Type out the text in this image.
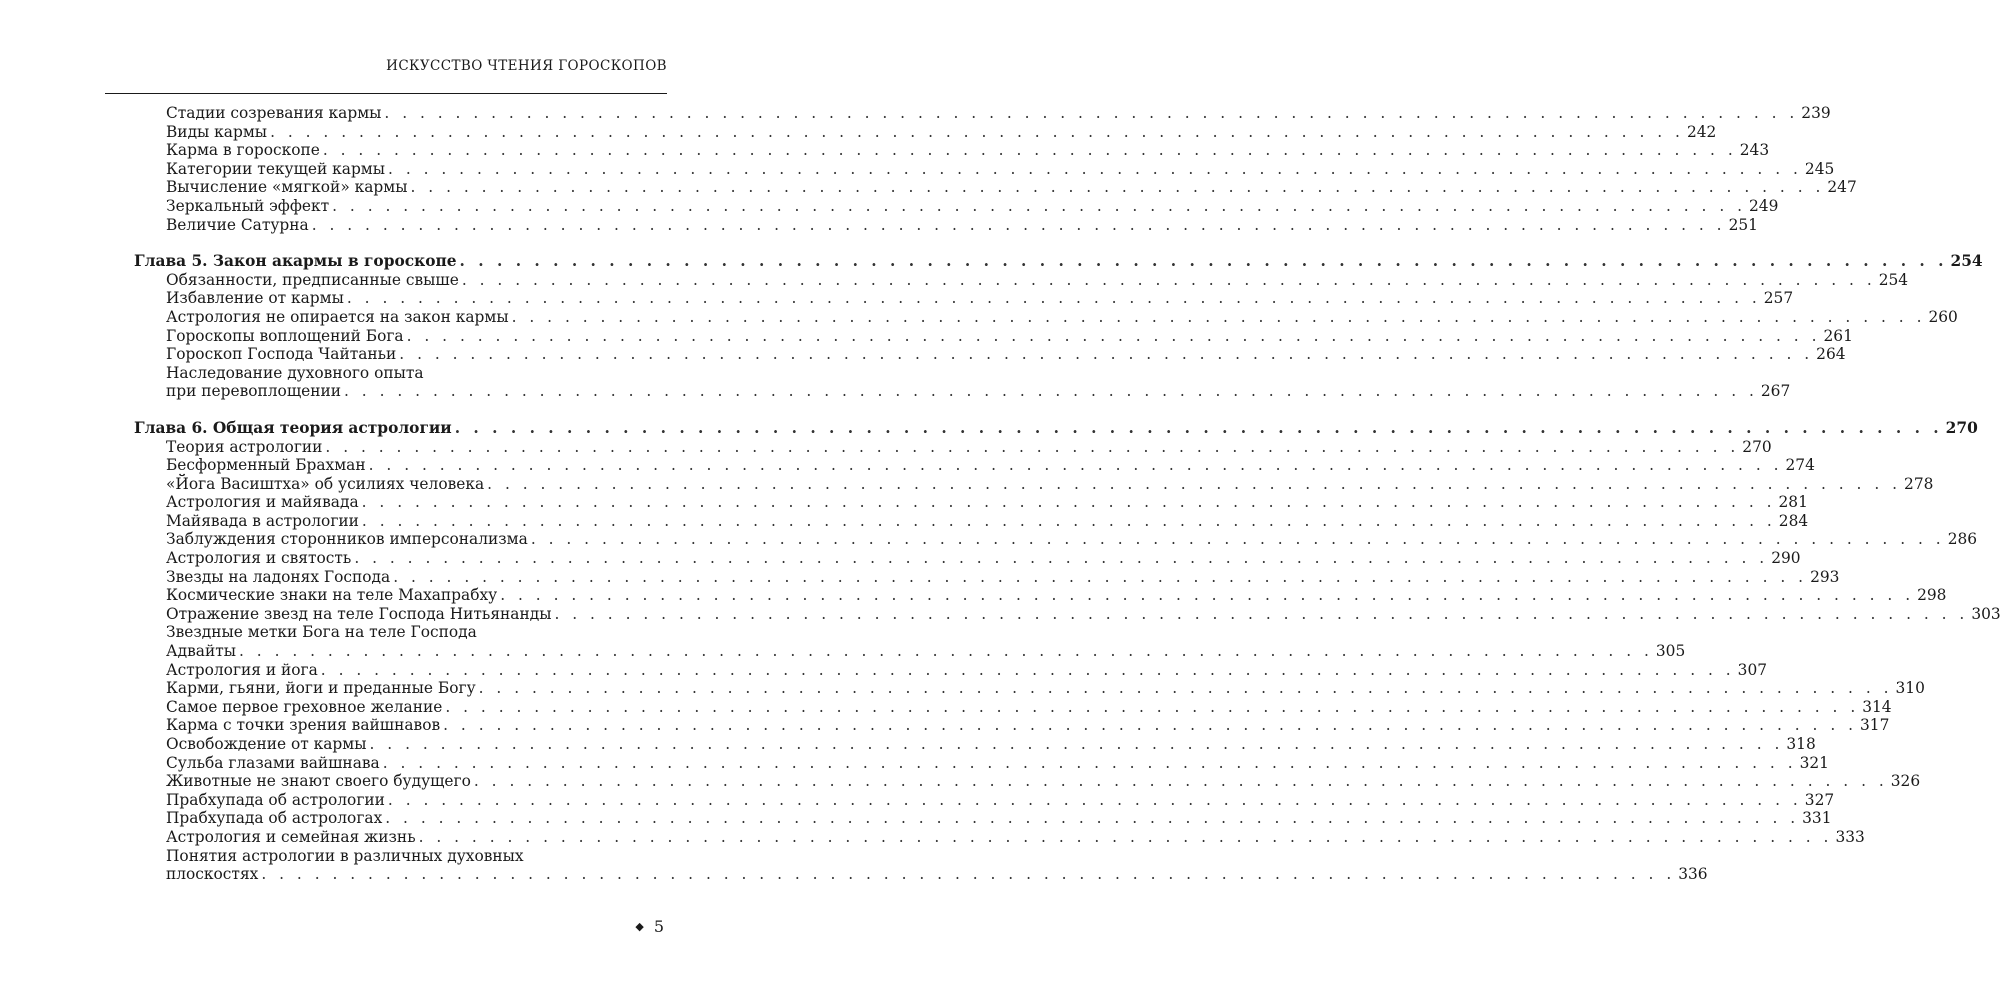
ИСКУССТВО ЧТЕНИЯ ГОРОСКОПОВ
Стадии созревания кармы . . . . . . . . . . . . . . . . . . . . . . . . . . . . . . . . . . . . . . . . . . . . . . . . . . . . . . . . . . . . . . . . . . . . . . . . . . . . . . . . 239
Виды кармы . . . . . . . . . . . . . . . . . . . . . . . . . . . . . . . . . . . . . . . . . . . . . . . . . . . . . . . . . . . . . . . . . . . . . . . . . . . . . . . . 242
Карма в гороскопе . . . . . . . . . . . . . . . . . . . . . . . . . . . . . . . . . . . . . . . . . . . . . . . . . . . . . . . . . . . . . . . . . . . . . . . . . . . . . . . . 243
Категории текущей кармы . . . . . . . . . . . . . . . . . . . . . . . . . . . . . . . . . . . . . . . . . . . . . . . . . . . . . . . . . . . . . . . . . . . . . . . . . . . . . . . . 245
Вычисление «мягкой» кармы . . . . . . . . . . . . . . . . . . . . . . . . . . . . . . . . . . . . . . . . . . . . . . . . . . . . . . . . . . . . . . . . . . . . . . . . . . . . . . . . 247
Зеркальный эффект . . . . . . . . . . . . . . . . . . . . . . . . . . . . . . . . . . . . . . . . . . . . . . . . . . . . . . . . . . . . . . . . . . . . . . . . . . . . . . . . 249
Величие Сатурна . . . . . . . . . . . . . . . . . . . . . . . . . . . . . . . . . . . . . . . . . . . . . . . . . . . . . . . . . . . . . . . . . . . . . . . . . . . . . . . . 251
Глава 5. Закон акармы в гороскопе . . . . . . . . . . . . . . . . . . . . . . . . . . . . . . . . . . . . . . . . . . . . . . . . . . . . . . . . . . . . . . . . . . . . . . . . . . . . . . . . 254
Обязанности, предписанные свыше . . . . . . . . . . . . . . . . . . . . . . . . . . . . . . . . . . . . . . . . . . . . . . . . . . . . . . . . . . . . . . . . . . . . . . . . . . . . . . . . 254
Избавление от кармы . . . . . . . . . . . . . . . . . . . . . . . . . . . . . . . . . . . . . . . . . . . . . . . . . . . . . . . . . . . . . . . . . . . . . . . . . . . . . . . . 257
Астрология не опирается на закон кармы . . . . . . . . . . . . . . . . . . . . . . . . . . . . . . . . . . . . . . . . . . . . . . . . . . . . . . . . . . . . . . . . . . . . . . . . . . . . . . . . 260
Гороскопы воплощений Бога . . . . . . . . . . . . . . . . . . . . . . . . . . . . . . . . . . . . . . . . . . . . . . . . . . . . . . . . . . . . . . . . . . . . . . . . . . . . . . . . 261
Гороскоп Господа Чайтаньи . . . . . . . . . . . . . . . . . . . . . . . . . . . . . . . . . . . . . . . . . . . . . . . . . . . . . . . . . . . . . . . . . . . . . . . . . . . . . . . . 264
Наследование духовного опыта
при перевоплощении . . . . . . . . . . . . . . . . . . . . . . . . . . . . . . . . . . . . . . . . . . . . . . . . . . . . . . . . . . . . . . . . . . . . . . . . . . . . . . . . 267
Глава 6. Общая теория астрологии . . . . . . . . . . . . . . . . . . . . . . . . . . . . . . . . . . . . . . . . . . . . . . . . . . . . . . . . . . . . . . . . . . . . . . . . . . . . . . . . 270
Теория астрологии . . . . . . . . . . . . . . . . . . . . . . . . . . . . . . . . . . . . . . . . . . . . . . . . . . . . . . . . . . . . . . . . . . . . . . . . . . . . . . . . 270
Бесформенный Брахман . . . . . . . . . . . . . . . . . . . . . . . . . . . . . . . . . . . . . . . . . . . . . . . . . . . . . . . . . . . . . . . . . . . . . . . . . . . . . . . . 274
«Йога Васиштха» об усилиях человека . . . . . . . . . . . . . . . . . . . . . . . . . . . . . . . . . . . . . . . . . . . . . . . . . . . . . . . . . . . . . . . . . . . . . . . . . . . . . . . . 278
Астрология и майявада . . . . . . . . . . . . . . . . . . . . . . . . . . . . . . . . . . . . . . . . . . . . . . . . . . . . . . . . . . . . . . . . . . . . . . . . . . . . . . . . 281
Майявада в астрологии . . . . . . . . . . . . . . . . . . . . . . . . . . . . . . . . . . . . . . . . . . . . . . . . . . . . . . . . . . . . . . . . . . . . . . . . . . . . . . . . 284
Заблуждения сторонников имперсонализма . . . . . . . . . . . . . . . . . . . . . . . . . . . . . . . . . . . . . . . . . . . . . . . . . . . . . . . . . . . . . . . . . . . . . . . . . . . . . . . . 286
Астрология и святость . . . . . . . . . . . . . . . . . . . . . . . . . . . . . . . . . . . . . . . . . . . . . . . . . . . . . . . . . . . . . . . . . . . . . . . . . . . . . . . . 290
Звезды на ладонях Господа . . . . . . . . . . . . . . . . . . . . . . . . . . . . . . . . . . . . . . . . . . . . . . . . . . . . . . . . . . . . . . . . . . . . . . . . . . . . . . . . 293
Космические знаки на теле Махапрабху . . . . . . . . . . . . . . . . . . . . . . . . . . . . . . . . . . . . . . . . . . . . . . . . . . . . . . . . . . . . . . . . . . . . . . . . . . . . . . . . 298
Отражение звезд на теле Господа Нитьянанды . . . . . . . . . . . . . . . . . . . . . . . . . . . . . . . . . . . . . . . . . . . . . . . . . . . . . . . . . . . . . . . . . . . . . . . . . . . . . . . . 303
Звездные метки Бога на теле Господа
Адвайты . . . . . . . . . . . . . . . . . . . . . . . . . . . . . . . . . . . . . . . . . . . . . . . . . . . . . . . . . . . . . . . . . . . . . . . . . . . . . . . . 305
Астрология и йога . . . . . . . . . . . . . . . . . . . . . . . . . . . . . . . . . . . . . . . . . . . . . . . . . . . . . . . . . . . . . . . . . . . . . . . . . . . . . . . . 307
Карми, гьяни, йоги и преданные Богу . . . . . . . . . . . . . . . . . . . . . . . . . . . . . . . . . . . . . . . . . . . . . . . . . . . . . . . . . . . . . . . . . . . . . . . . . . . . . . . . 310
Самое первое греховное желание . . . . . . . . . . . . . . . . . . . . . . . . . . . . . . . . . . . . . . . . . . . . . . . . . . . . . . . . . . . . . . . . . . . . . . . . . . . . . . . . 314
Карма с точки зрения вайшнавов . . . . . . . . . . . . . . . . . . . . . . . . . . . . . . . . . . . . . . . . . . . . . . . . . . . . . . . . . . . . . . . . . . . . . . . . . . . . . . . . 317
Освобождение от кармы . . . . . . . . . . . . . . . . . . . . . . . . . . . . . . . . . . . . . . . . . . . . . . . . . . . . . . . . . . . . . . . . . . . . . . . . . . . . . . . . 318
Сульба глазами вайшнава . . . . . . . . . . . . . . . . . . . . . . . . . . . . . . . . . . . . . . . . . . . . . . . . . . . . . . . . . . . . . . . . . . . . . . . . . . . . . . . . 321
Животные не знают своего будущего . . . . . . . . . . . . . . . . . . . . . . . . . . . . . . . . . . . . . . . . . . . . . . . . . . . . . . . . . . . . . . . . . . . . . . . . . . . . . . . . 326
Прабхупада об астрологии . . . . . . . . . . . . . . . . . . . . . . . . . . . . . . . . . . . . . . . . . . . . . . . . . . . . . . . . . . . . . . . . . . . . . . . . . . . . . . . . 327
Прабхупада об астрологах . . . . . . . . . . . . . . . . . . . . . . . . . . . . . . . . . . . . . . . . . . . . . . . . . . . . . . . . . . . . . . . . . . . . . . . . . . . . . . . . 331
Астрология и семейная жизнь . . . . . . . . . . . . . . . . . . . . . . . . . . . . . . . . . . . . . . . . . . . . . . . . . . . . . . . . . . . . . . . . . . . . . . . . . . . . . . . . 333
Понятия астрологии в различных духовных
плоскостях . . . . . . . . . . . . . . . . . . . . . . . . . . . . . . . . . . . . . . . . . . . . . . . . . . . . . . . . . . . . . . . . . . . . . . . . . . . . . . . . 336
◆ 5
